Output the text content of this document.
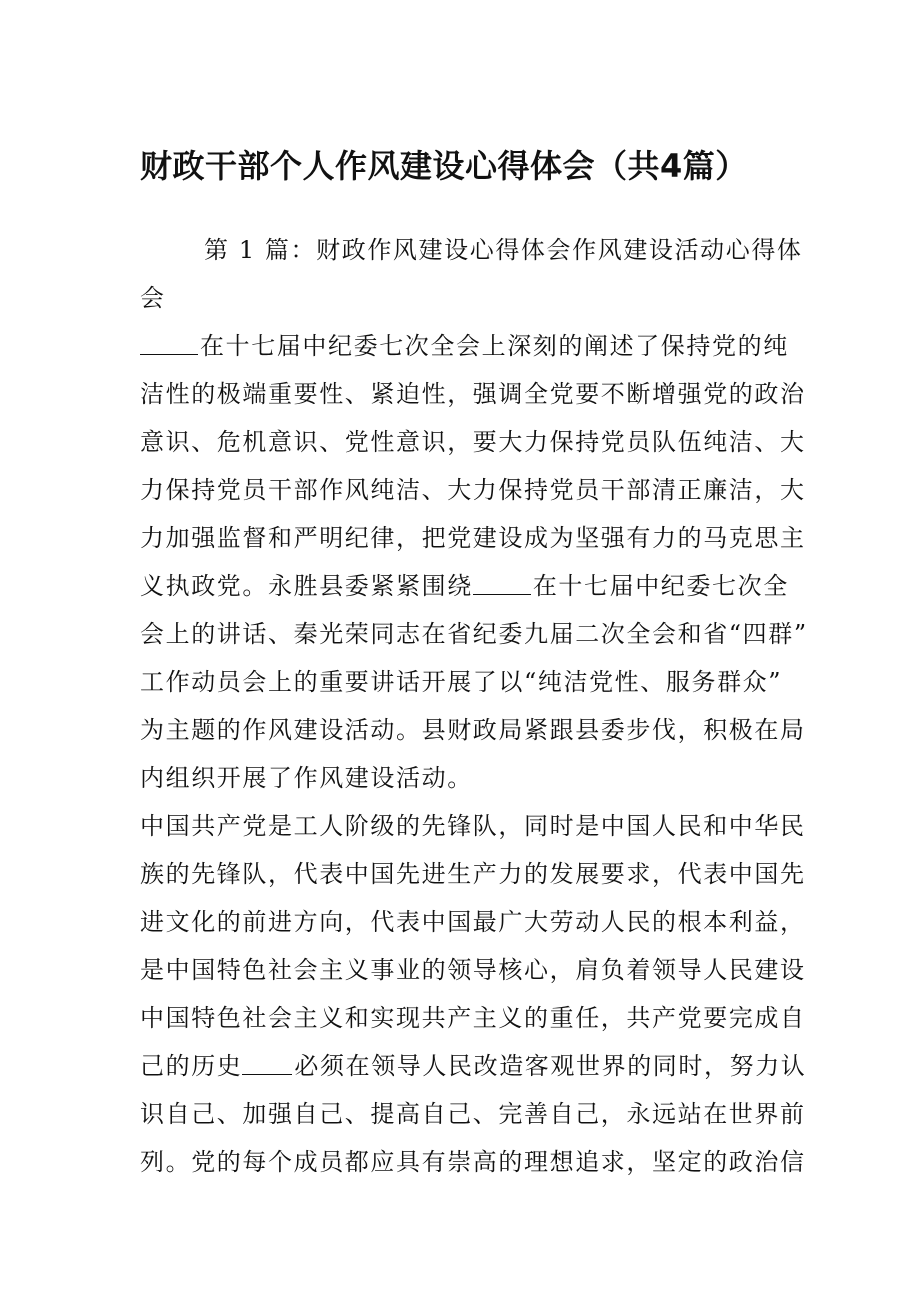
财政干部个人作风建设心得体会（共4篇）
第 1 篇：财政作风建设心得体会作风建设活动心得体
会
在十七届中纪委七次全会上深刻的阐述了保持党的纯
洁性的极端重要性、紧迫性，强调全党要不断增强党的政治
意识、危机意识、党性意识，要大力保持党员队伍纯洁、大
力保持党员干部作风纯洁、大力保持党员干部清正廉洁，大
力加强监督和严明纪律，把党建设成为坚强有力的马克思主
义执政党。永胜县委紧紧围绕	在十七届中纪委七次全
会上的讲话、秦光荣同志在省纪委九届二次全会和省“四群”
工作动员会上的重要讲话开展了以“纯洁党性、服务群众”
为主题的作风建设活动。县财政局紧跟县委步伐，积极在局
内组织开展了作风建设活动。
中国共产党是工人阶级的先锋队，同时是中国人民和中华民
族的先锋队，代表中国先进生产力的发展要求，代表中国先
进文化的前进方向，代表中国最广大劳动人民的根本利益，
是中国特色社会主义事业的领导核心，肩负着领导人民建设
中国特色社会主义和实现共产主义的重任，共产党要完成自
己的历史 必须在领导人民改造客观世界的同时，努力认
识自己、加强自己、提高自己、完善自己，永远站在世界前
列。党的每个成员都应具有崇高的理想追求，坚定的政治信
